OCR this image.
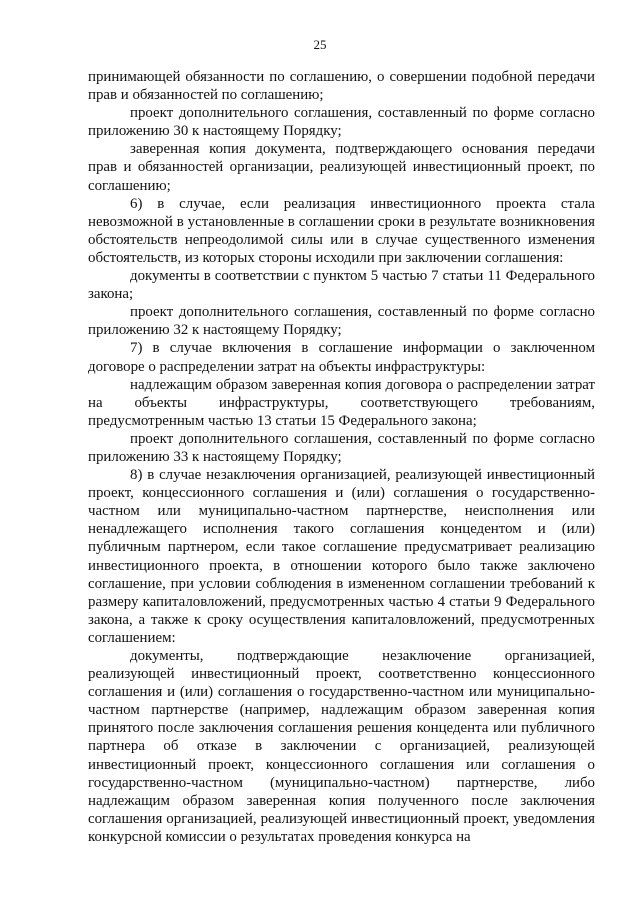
25

принимающей обязанности по соглашению, о совершении подобной передачи прав и обязанностей по соглашению;

проект дополнительного соглашения, составленный по форме согласно приложению 30 к настоящему Порядку;

заверенная копия документа, подтверждающего основания передачи прав и обязанностей организации, реализующей инвестиционный проект, по соглашению;

6) в случае, если реализация инвестиционного проекта стала невозможной в установленные в соглашении сроки в результате возникновения обстоятельств непреодолимой силы или в случае существенного изменения обстоятельств, из которых стороны исходили при заключении соглашения:

документы в соответствии с пунктом 5 частью 7 статьи 11 Федерального закона;

проект дополнительного соглашения, составленный по форме согласно приложению 32 к настоящему Порядку;

7) в случае включения в соглашение информации о заключенном договоре о распределении затрат на объекты инфраструктуры:

надлежащим образом заверенная копия договора о распределении затрат на объекты инфраструктуры, соответствующего требованиям, предусмотренным частью 13 статьи 15 Федерального закона;

проект дополнительного соглашения, составленный по форме согласно приложению 33 к настоящему Порядку;

8) в случае незаключения организацией, реализующей инвестиционный проект, концессионного соглашения и (или) соглашения о государственно-частном или муниципально-частном партнерстве, неисполнения или ненадлежащего исполнения такого соглашения концедентом и (или) публичным партнером, если такое соглашение предусматривает реализацию инвестиционного проекта, в отношении которого было также заключено соглашение, при условии соблюдения в измененном соглашении требований к размеру капиталовложений, предусмотренных частью 4 статьи 9 Федерального закона, а также к сроку осуществления капиталовложений, предусмотренных соглашением:

документы, подтверждающие незаключение организацией, реализующей инвестиционный проект, соответственно концессионного соглашения и (или) соглашения о государственно-частном или муниципально-частном партнерстве (например, надлежащим образом заверенная копия принятого после заключения соглашения решения концедента или публичного партнера об отказе в заключении с организацией, реализующей инвестиционный проект, концессионного соглашения или соглашения о государственно-частном (муниципально-частном) партнерстве, либо надлежащим образом заверенная копия полученного после заключения соглашения организацией, реализующей инвестиционный проект, уведомления конкурсной комиссии о результатах проведения конкурса на
